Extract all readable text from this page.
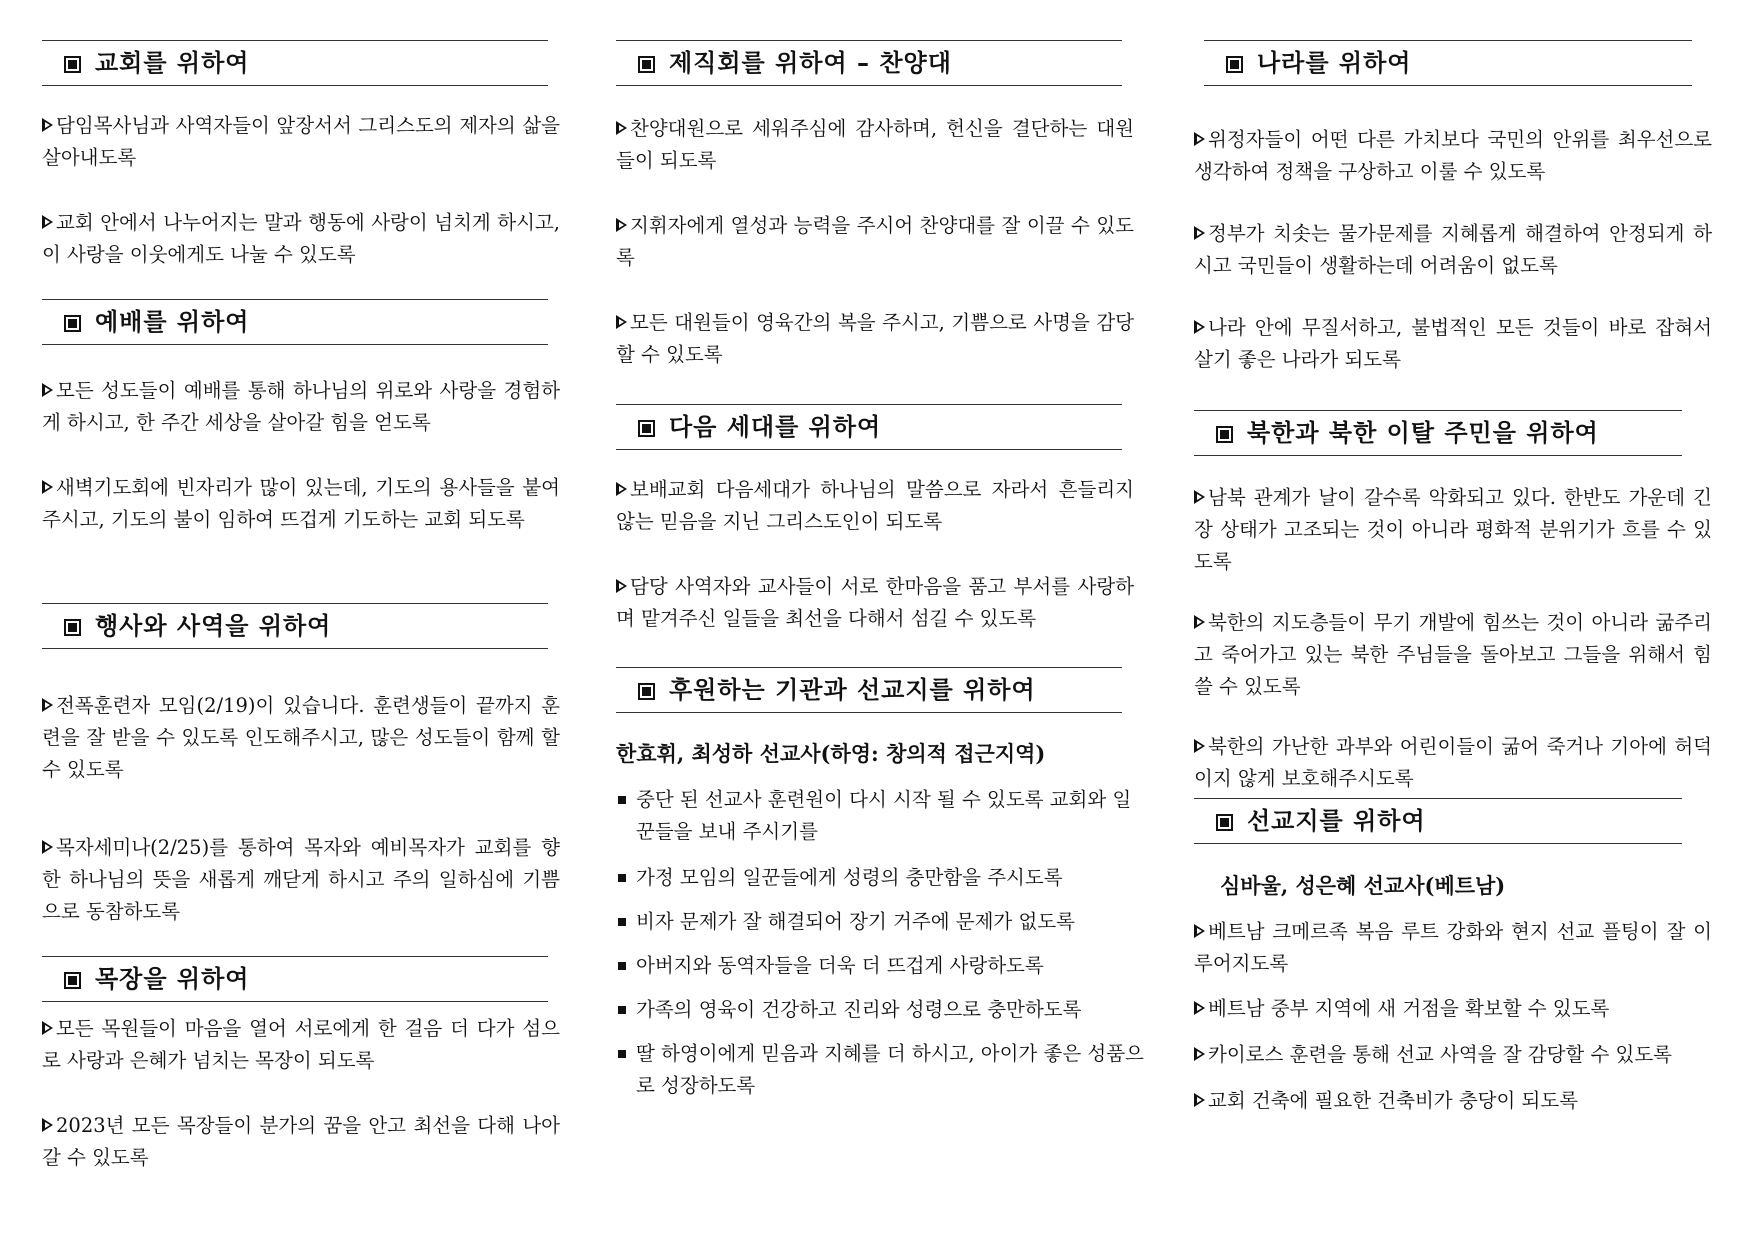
교회를 위하여
담임목사님과 사역자들이 앞장서서 그리스도의 제자의 삶을 살아내도록
교회 안에서 나누어지는 말과 행동에 사랑이 넘치게 하시고, 이 사랑을 이웃에게도 나눌 수 있도록
예배를 위하여
모든 성도들이 예배를 통해 하나님의 위로와 사랑을 경험하게 하시고, 한 주간 세상을 살아갈 힘을 얻도록
새벽기도회에 빈자리가 많이 있는데, 기도의 용사들을 붙여주시고, 기도의 불이 임하여 뜨겁게 기도하는 교회 되도록
행사와 사역을 위하여
전폭훈련자 모임(2/19)이 있습니다. 훈련생들이 끝까지 훈련을 잘 받을 수 있도록 인도해주시고, 많은 성도들이 함께 할 수 있도록
목자세미나(2/25)를 통하여 목자와 예비목자가 교회를 향한 하나님의 뜻을 새롭게 깨닫게 하시고 주의 일하심에 기쁨으로 동참하도록
목장을 위하여
모든 목원들이 마음을 열어 서로에게 한 걸음 더 다가 섬으로 사랑과 은혜가 넘치는 목장이 되도록
2023년 모든 목장들이 분가의 꿈을 안고 최선을 다해 나아갈 수 있도록
제직회를 위하여 – 찬양대
찬양대원으로 세워주심에 감사하며, 헌신을 결단하는 대원들이 되도록
지휘자에게 열성과 능력을 주시어 찬양대를 잘 이끌 수 있도록
모든 대원들이 영육간의 복을 주시고, 기쁨으로 사명을 감당할 수 있도록
다음 세대를 위하여
보배교회 다음세대가 하나님의 말씀으로 자라서 흔들리지 않는 믿음을 지닌 그리스도인이 되도록
담당 사역자와 교사들이 서로 한마음을 품고 부서를 사랑하며 맡겨주신 일들을 최선을 다해서 섬길 수 있도록
후원하는 기관과 선교지를 위하여
한효휘, 최성하 선교사(하영: 창의적 접근지역)
중단 된 선교사 훈련원이 다시 시작 될 수 있도록 교회와 일꾼들을 보내 주시기를
가정 모임의 일꾼들에게 성령의 충만함을 주시도록
비자 문제가 잘 해결되어 장기 거주에 문제가 없도록
아버지와 동역자들을 더욱 더 뜨겁게 사랑하도록
가족의 영육이 건강하고 진리와 성령으로 충만하도록
딸 하영이에게 믿음과 지혜를 더 하시고, 아이가 좋은 성품으로 성장하도록
나라를 위하여
위정자들이 어떤 다른 가치보다 국민의 안위를 최우선으로 생각하여 정책을 구상하고 이룰 수 있도록
정부가 치솟는 물가문제를 지혜롭게 해결하여 안정되게 하시고 국민들이 생활하는데 어려움이 없도록
나라 안에 무질서하고, 불법적인 모든 것들이 바로 잡혀서 살기 좋은 나라가 되도록
북한과 북한 이탈 주민을 위하여
남북 관계가 날이 갈수록 악화되고 있다. 한반도 가운데 긴장 상태가 고조되는 것이 아니라 평화적 분위기가 흐를 수 있도록
북한의 지도층들이 무기 개발에 힘쓰는 것이 아니라 굶주리고 죽어가고 있는 북한 주님들을 돌아보고 그들을 위해서 힘쓸 수 있도록
북한의 가난한 과부와 어린이들이 굶어 죽거나 기아에 허덕이지 않게 보호해주시도록
선교지를 위하여
심바울, 성은혜 선교사(베트남)
베트남 크메르족 복음 루트 강화와 현지 선교 플팅이 잘 이루어지도록
베트남 중부 지역에 새 거점을 확보할 수 있도록
카이로스 훈련을 통해 선교 사역을 잘 감당할 수 있도록
교회 건축에 필요한 건축비가 충당이 되도록
